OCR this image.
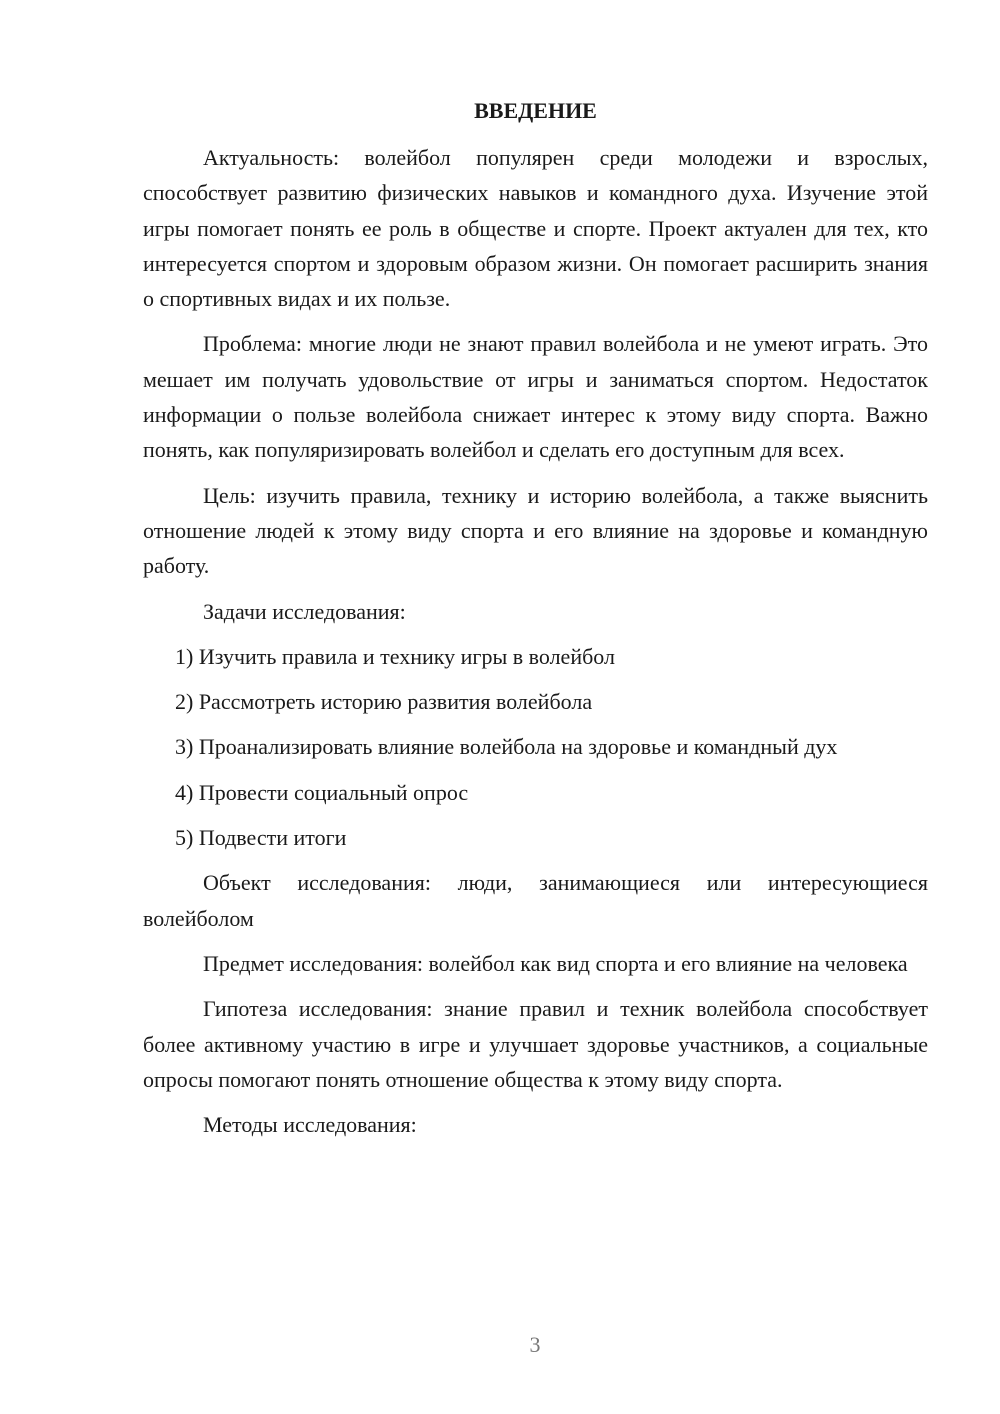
ВВЕДЕНИЕ

Актуальность: волейбол популярен среди молодежи и взрослых, способствует развитию физических навыков и командного духа. Изучение этой игры помогает понять ее роль в обществе и спорте. Проект актуален для тех, кто интересуется спортом и здоровым образом жизни. Он помогает расширить знания о спортивных видах и их пользе.

Проблема: многие люди не знают правил волейбола и не умеют играть. Это мешает им получать удовольствие от игры и заниматься спортом. Недостаток информации о пользе волейбола снижает интерес к этому виду спорта. Важно понять, как популяризировать волейбол и сделать его доступным для всех.

Цель: изучить правила, технику и историю волейбола, а также выяснить отношение людей к этому виду спорта и его влияние на здоровье и командную работу.

Задачи исследования:

1) Изучить правила и технику игры в волейбол

2) Рассмотреть историю развития волейбола

3) Проанализировать влияние волейбола на здоровье и командный дух

4) Провести социальный опрос

5) Подвести итоги

Объект исследования: люди, занимающиеся или интересующиеся волейболом

Предмет исследования: волейбол как вид спорта и его влияние на человека

Гипотеза исследования: знание правил и техник волейбола способствует более активному участию в игре и улучшает здоровье участников, а социальные опросы помогают понять отношение общества к этому виду спорта.

Методы исследования:

3
